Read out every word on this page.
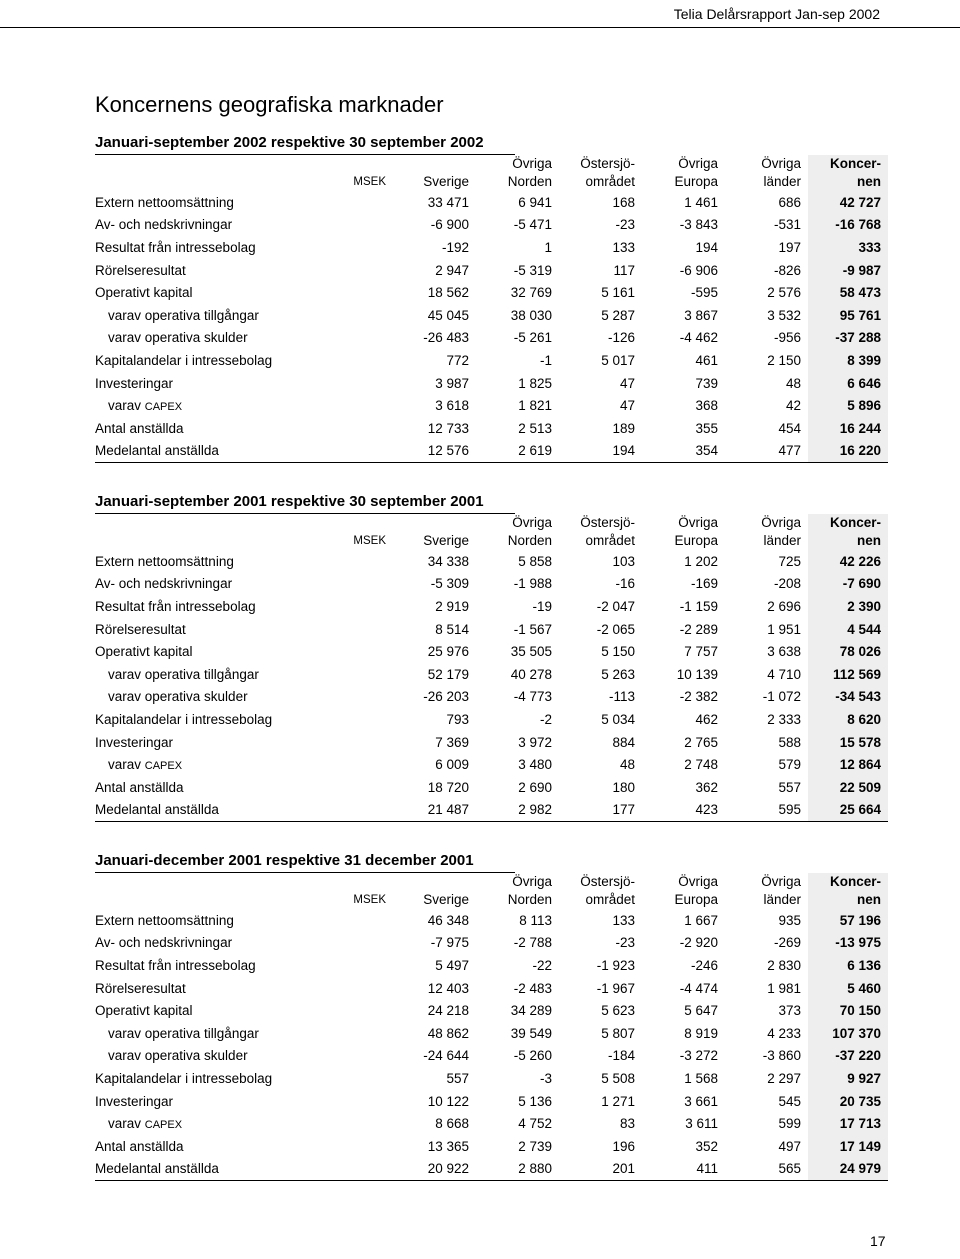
Telia Delårsrapport Jan-sep 2002
Koncernens geografiska marknader
Januari-september 2002 respektive 30 september 2002
		Övriga	Östersjö-	Övriga	Övriga	Koncer-
MSEK	Sverige	Norden	området	Europa	länder	nen
Extern nettoomsättning	33 471	6 941	168	1 461	686	42 727
Av- och nedskrivningar	-6 900	-5 471	-23	-3 843	-531	-16 768
Resultat från intressebolag	-192	1	133	194	197	333
Rörelseresultat	2 947	-5 319	117	-6 906	-826	-9 987
Operativt kapital	18 562	32 769	5 161	-595	2 576	58 473
varav operativa tillgångar	45 045	38 030	5 287	3 867	3 532	95 761
varav operativa skulder	-26 483	-5 261	-126	-4 462	-956	-37 288
Kapitalandelar i intressebolag	772	-1	5 017	461	2 150	8 399
Investeringar	3 987	1 825	47	739	48	6 646
varav CAPEX	3 618	1 821	47	368	42	5 896
Antal anställda	12 733	2 513	189	355	454	16 244
Medelantal anställda	12 576	2 619	194	354	477	16 220
Januari-september 2001 respektive 30 september 2001
		Övriga	Östersjö-	Övriga	Övriga	Koncer-
MSEK	Sverige	Norden	området	Europa	länder	nen
Extern nettoomsättning	34 338	5 858	103	1 202	725	42 226
Av- och nedskrivningar	-5 309	-1 988	-16	-169	-208	-7 690
Resultat från intressebolag	2 919	-19	-2 047	-1 159	2 696	2 390
Rörelseresultat	8 514	-1 567	-2 065	-2 289	1 951	4 544
Operativt kapital	25 976	35 505	5 150	7 757	3 638	78 026
varav operativa tillgångar	52 179	40 278	5 263	10 139	4 710	112 569
varav operativa skulder	-26 203	-4 773	-113	-2 382	-1 072	-34 543
Kapitalandelar i intressebolag	793	-2	5 034	462	2 333	8 620
Investeringar	7 369	3 972	884	2 765	588	15 578
varav CAPEX	6 009	3 480	48	2 748	579	12 864
Antal anställda	18 720	2 690	180	362	557	22 509
Medelantal anställda	21 487	2 982	177	423	595	25 664
Januari-december 2001 respektive 31 december 2001
		Övriga	Östersjö-	Övriga	Övriga	Koncer-
MSEK	Sverige	Norden	området	Europa	länder	nen
Extern nettoomsättning	46 348	8 113	133	1 667	935	57 196
Av- och nedskrivningar	-7 975	-2 788	-23	-2 920	-269	-13 975
Resultat från intressebolag	5 497	-22	-1 923	-246	2 830	6 136
Rörelseresultat	12 403	-2 483	-1 967	-4 474	1 981	5 460
Operativt kapital	24 218	34 289	5 623	5 647	373	70 150
varav operativa tillgångar	48 862	39 549	5 807	8 919	4 233	107 370
varav operativa skulder	-24 644	-5 260	-184	-3 272	-3 860	-37 220
Kapitalandelar i intressebolag	557	-3	5 508	1 568	2 297	9 927
Investeringar	10 122	5 136	1 271	3 661	545	20 735
varav CAPEX	8 668	4 752	83	3 611	599	17 713
Antal anställda	13 365	2 739	196	352	497	17 149
Medelantal anställda	20 922	2 880	201	411	565	24 979
17
